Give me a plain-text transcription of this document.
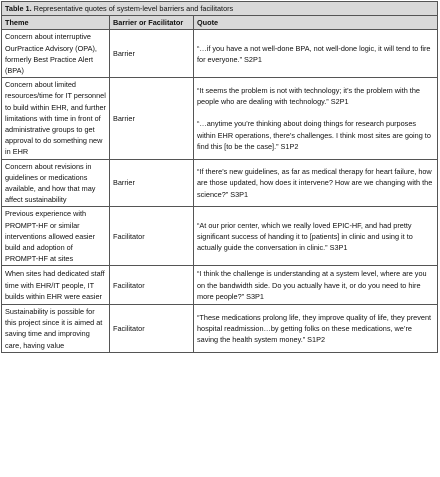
Table 1. Representative quotes of system-level barriers and facilitators		
Theme	Barrier or Facilitator	Quote
Concern about interruptive OurPractice Advisory (OPA), formerly Best Practice Alert (BPA)	Barrier	“…if you have a not well-done BPA, not well-done logic, it will tend to fire for everyone.” S2P1

Concern about limited resources/time for IT personnel to build within EHR, and further limitations with time in front of administrative groups to get approval to do something new in EHR	Barrier	“It seems the problem is not with technology; it’s the problem with the people who are dealing with technology.” S2P1
“…anytime you’re thinking about doing things for research purposes within EHR operations, there’s challenges. I think most sites are going to find this [to be the case].” S1P2

Concern about revisions in guidelines or medications available, and how that may affect sustainability	Barrier	“If there’s new guidelines, as far as medical therapy for heart failure, how are those updated, how does it intervene? How are we changing with the science?” S3P1

Previous experience with PROMPT-HF or similar interventions allowed easier build and adoption of PROMPT-HF at sites	Facilitator	“At our prior center, which we really loved EPIC-HF, and had pretty significant success of handing it to [patients] in clinic and using it to actually guide the conversation in clinic.” S3P1

When sites had dedicated staff time with EHR/IT people, IT builds within EHR were easier	Facilitator	“I think the challenge is understanding at a system level, where are you on the bandwidth side. Do you actually have it, or do you need to hire more people?” S3P1

Sustainability is possible for this project since it is aimed at saving time and improving care, having value	Facilitator	“These medications prolong life, they improve quality of life, they prevent hospital readmission…by getting folks on these medications, we’re saving the health system money.” S1P2
